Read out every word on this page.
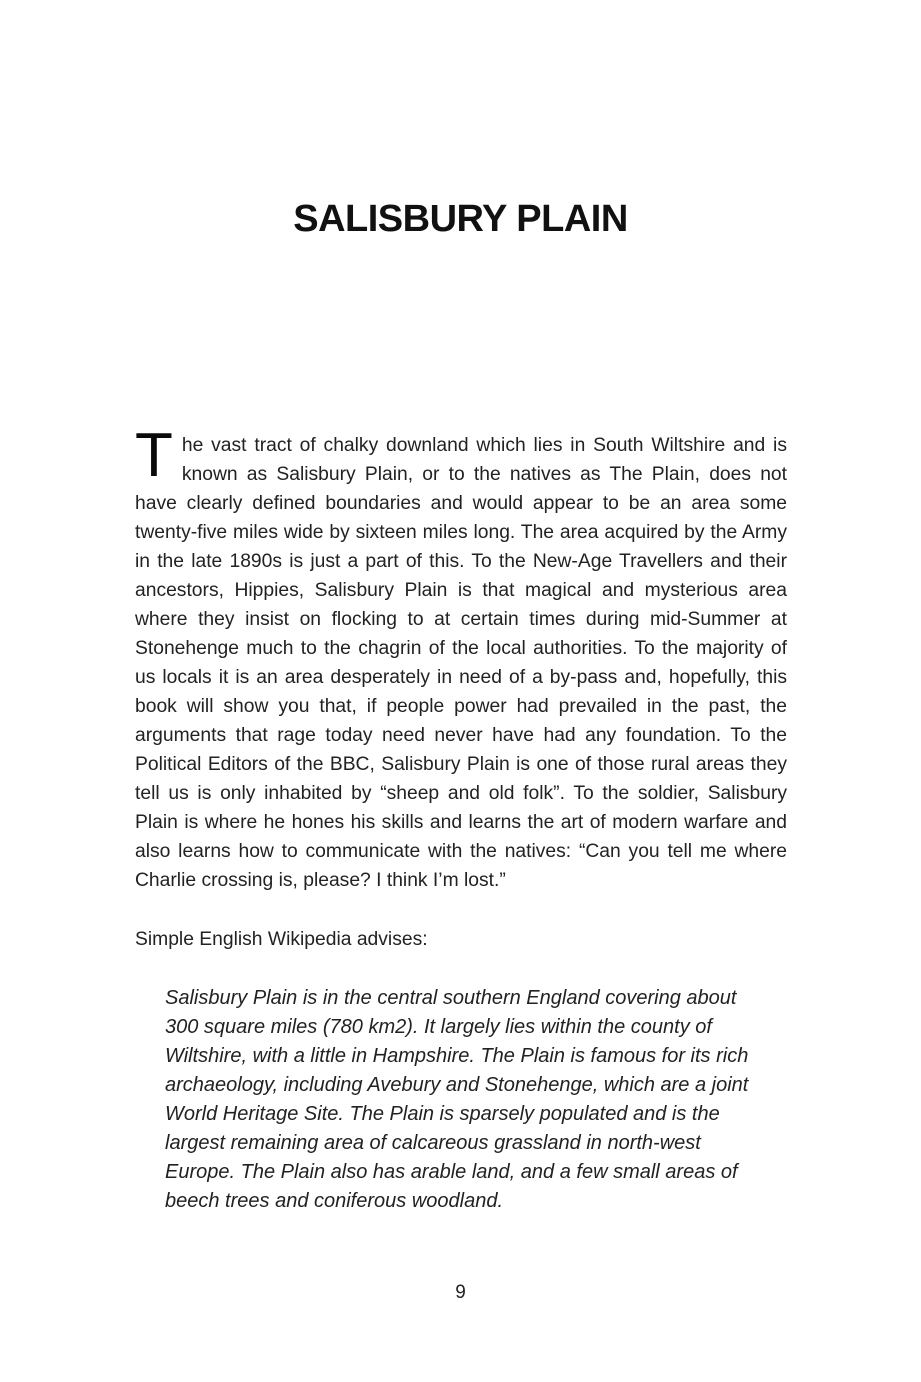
SALISBURY PLAIN

The vast tract of chalky downland which lies in South Wiltshire and is known as Salisbury Plain, or to the natives as The Plain, does not have clearly defined boundaries and would appear to be an area some twenty-five miles wide by sixteen miles long. The area acquired by the Army in the late 1890s is just a part of this. To the New-Age Travellers and their ancestors, Hippies, Salisbury Plain is that magical and mysterious area where they insist on flocking to at certain times during mid-Summer at Stonehenge much to the chagrin of the local authorities. To the majority of us locals it is an area desperately in need of a by-pass and, hopefully, this book will show you that, if people power had prevailed in the past, the arguments that rage today need never have had any foundation. To the Political Editors of the BBC, Salisbury Plain is one of those rural areas they tell us is only inhabited by “sheep and old folk”. To the soldier, Salisbury Plain is where he hones his skills and learns the art of modern warfare and also learns how to communicate with the natives: “Can you tell me where Charlie crossing is, please? I think I’m lost.”

Simple English Wikipedia advises:

Salisbury Plain is in the central southern England covering about 300 square miles (780 km2). It largely lies within the county of Wiltshire, with a little in Hampshire. The Plain is famous for its rich archaeology, including Avebury and Stonehenge, which are a joint World Heritage Site. The Plain is sparsely populated and is the largest remaining area of calcareous grassland in north-west Europe. The Plain also has arable land, and a few small areas of beech trees and coniferous woodland.
9
